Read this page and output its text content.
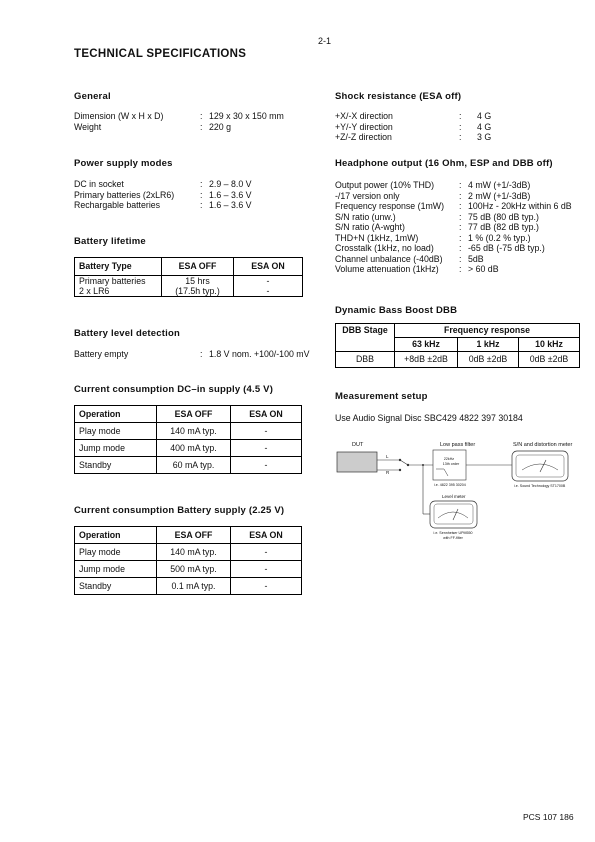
2-1
TECHNICAL SPECIFICATIONS
General
Dimension (W x H x D)	: 129 x 30 x 150 mm
Weight	: 220 g
Power supply modes
DC in socket	: 2.9 – 8.0 V
Primary batteries (2xLR6)	: 1.6 – 3.6 V
Rechargable batteries	: 1.6 – 3.6 V
Battery lifetime
Battery Type	ESA OFF	ESA ON
Primary batteries	15 hrs	-
2 x LR6	(17.5h typ.)	-
Battery level detection
Battery empty	: 1.8 V nom. +100/-100 mV
Current consumption DC–in supply (4.5 V)
Operation	ESA OFF	ESA ON
Play mode	140 mA typ.	-
Jump mode	400 mA typ.	-
Standby	60 mA typ.	-
Current consumption Battery supply (2.25 V)
Operation	ESA OFF	ESA ON
Play mode	140 mA typ.	-
Jump mode	500 mA typ.	-
Standby	0.1 mA typ.	-
Shock resistance (ESA off)
+X/-X direction	:	4 G
+Y/-Y direction	:	4 G
+Z/-Z direction	:	3 G
Headphone output (16 Ohm, ESP and DBB off)
Output power (10% THD)	: 4 mW (+1/-3dB)
-/17 version only	: 2 mW (+1/-3dB)
Frequency response (1mW)	: 100Hz - 20kHz within 6 dB
S/N ratio (unw.)	: 75 dB (80 dB typ.)
S/N ratio (A-wght)	: 77 dB (82 dB typ.)
THD+N (1kHz, 1mW)	: 1 % (0.2 % typ.)
Crosstalk (1kHz, no load)	: -65 dB (-75 dB typ.)
Channel unbalance (-40dB)	: 5dB
Volume attenuation (1kHz)	: > 60 dB
Dynamic Bass Boost DBB
DBB Stage	Frequency response		
	63 kHz	1 kHz	10 kHz
DBB	+8dB ±2dB	0dB ±2dB	0dB ±2dB
Measurement setup
Use Audio Signal Disc SBC429 4822 397 30184
DUT	Low pass filter	S/N and distortion meter
L
R
22kHz
13th order
i.e. 4822 395 30204	i.e. Sound Technology ST1700B
Level meter
i.e. Sennheiser UPM550
with FF-filter
PCS 107 186
